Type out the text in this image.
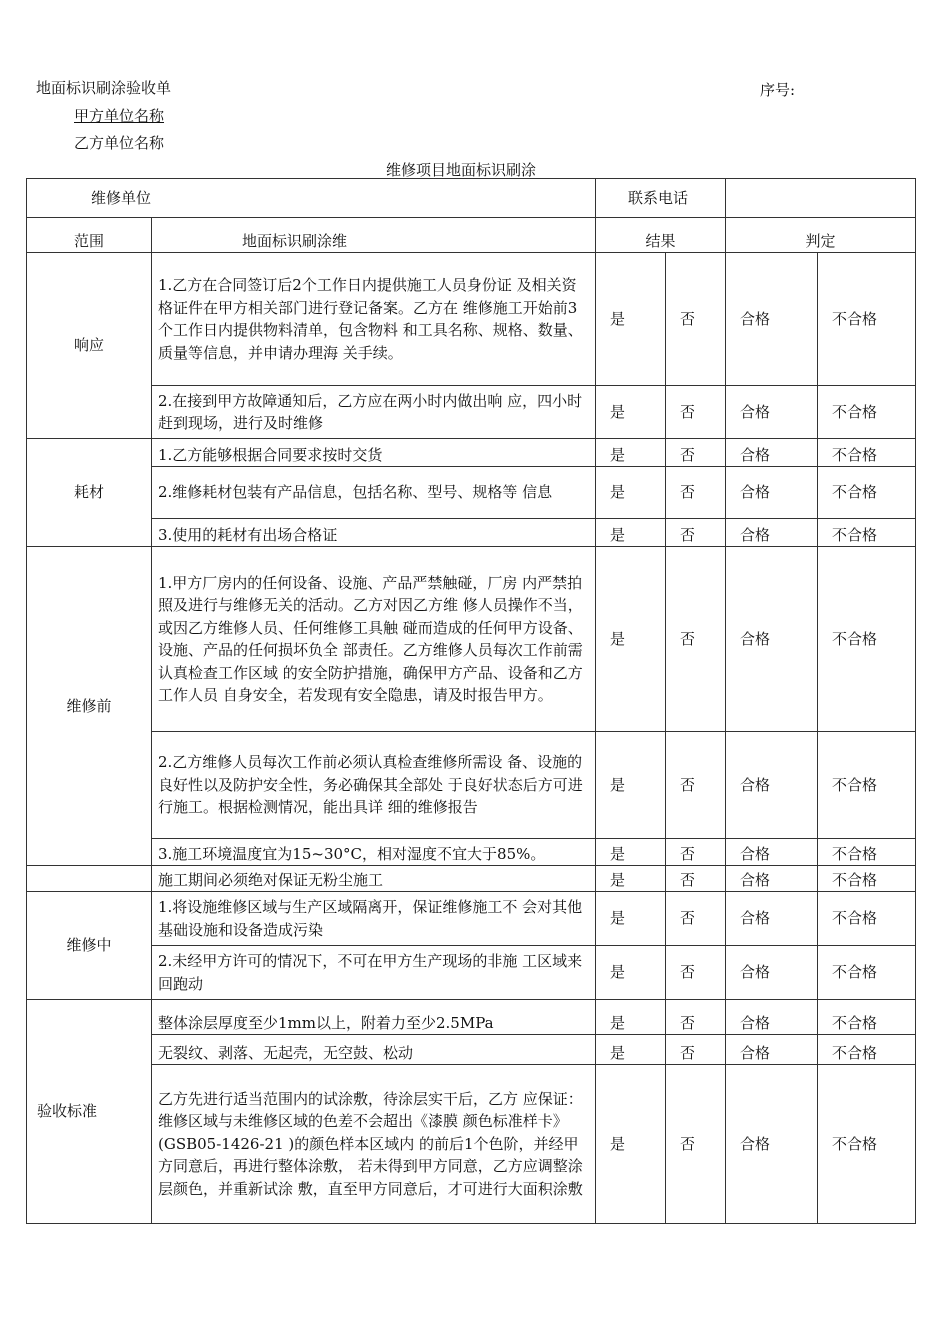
地面标识刷涂验收单	序号:
甲方单位名称
乙方单位名称
维修项目地面标识刷涂
维修单位		联系电话			
范围	地面标识刷涂维	结果		判定	
响应	1.乙方在合同签订后2个工作日内提供施工人员身份证 及相关资格证件在甲方相关部门进行登记备案。乙方在 维修施工开始前3个工作日内提供物料清单，包含物料 和工具名称、规格、数量、质量等信息，并申请办理海 关手续。	是	否	合格	不合格
	2.在接到甲方故障通知后，乙方应在两小时内做出响 应，四小时赶到现场，进行及时维修	是	否	合格	不合格
耗材	1.乙方能够根据合同要求按时交货	是	否	合格	不合格
	2.维修耗材包装有产品信息，包括名称、型号、规格等 信息	是	否	合格	不合格
	3.使用的耗材有出场合格证	是	否	合格	不合格
维修前	1.甲方厂房内的任何设备、设施、产品严禁触碰，厂房 内严禁拍照及进行与维修无关的活动。乙方对因乙方维 修人员操作不当，或因乙方维修人员、任何维修工具触 碰而造成的任何甲方设备、设施、产品的任何损坏负全 部责任。乙方维修人员每次工作前需认真检查工作区域 的安全防护措施，确保甲方产品、设备和乙方工作人员 自身安全，若发现有安全隐患，请及时报告甲方。	是	否	合格	不合格
	2.乙方维修人员每次工作前必须认真检查维修所需设 备、设施的良好性以及防护安全性，务必确保其全部处 于良好状态后方可进行施工。根据检测情况，能出具详 细的维修报告	是	否	合格	不合格
	3.施工环境温度宜为15~30°C，相对湿度不宜大于85%。	是	否	合格	不合格
	施工期间必须绝对保证无粉尘施工	是	否	合格	不合格
维修中	1.将设施维修区域与生产区域隔离开，保证维修施工不 会对其他基础设施和设备造成污染	是	否	合格	不合格
	2.未经甲方许可的情况下，不可在甲方生产现场的非施 工区域来回跑动	是	否	合格	不合格
验收标准	整体涂层厚度至少1mm以上，附着力至少2.5MPa	是	否	合格	不合格
	无裂纹、剥落、无起壳，无空鼓、松动	是	否	合格	不合格
	乙方先进行适当范围内的试涂敷，待涂层实干后，乙方 应保证：维修区域与未维修区域的色差不会超出《漆膜 颜色标准样卡》(GSB05-1426-21 )的颜色样本区域内 的前后1个色阶，并经甲方同意后，再进行整体涂敷， 若未得到甲方同意，乙方应调整涂层颜色，并重新试涂 敷，直至甲方同意后，才可进行大面积涂敷	是	否	合格	不合格
